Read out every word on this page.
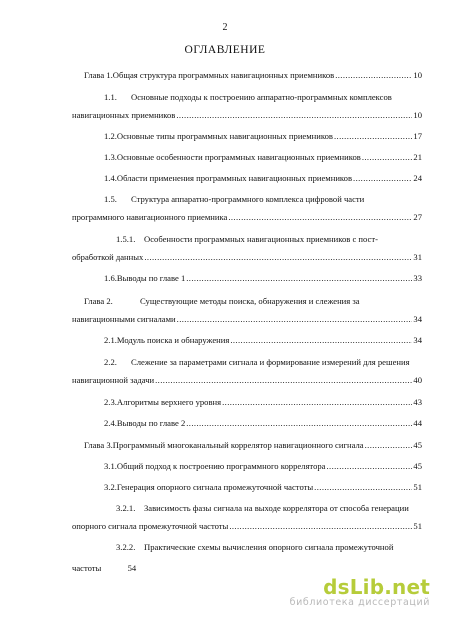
2
ОГЛАВЛЕНИЕ
Глава 1. Общая структура программных навигационных приемников .....	10
1.1.	Основные подходы к построению аппаратно-программных комплексов
навигационных приемников .....	10
1.2. Основные типы программных навигационных приемников .....	17
1.3. Основные особенности программных навигационных приемников .....	21
1.4. Области применения программных навигационных приемников .....	24
1.5.	Структура аппаратно-программного комплекса цифровой части
программного навигационного приемника .....	27
1.5.1.	Особенности программных навигационных приемников с пост-
обработкой данных .....	31
1.6. Выводы по главе 1 .....	33
Глава 2.	Существующие методы поиска, обнаружения и слежения за
навигационными сигналами .....	34
2.1. Модуль поиска и обнаружения .....	34
2.2.	Слежение за параметрами сигнала и формирование измерений для решения
навигационной задачи .....	40
2.3. Алгоритмы верхнего уровня .....	43
2.4. Выводы по главе 2 .....	44
Глава 3. Программный многоканальный коррелятор навигационного сигнала .....	45
3.1. Общий подход к построению программного коррелятора .....	45
3.2. Генерация опорного сигнала промежуточной частоты .....	51
3.2.1.	Зависимость фазы сигнала на выходе коррелятора от способа генерации
опорного сигнала промежуточной частоты .....	51
3.2.2.	Практические схемы вычисления опорного сигнала промежуточной
частоты	54
dsLib.net
библиотека диссертаций
